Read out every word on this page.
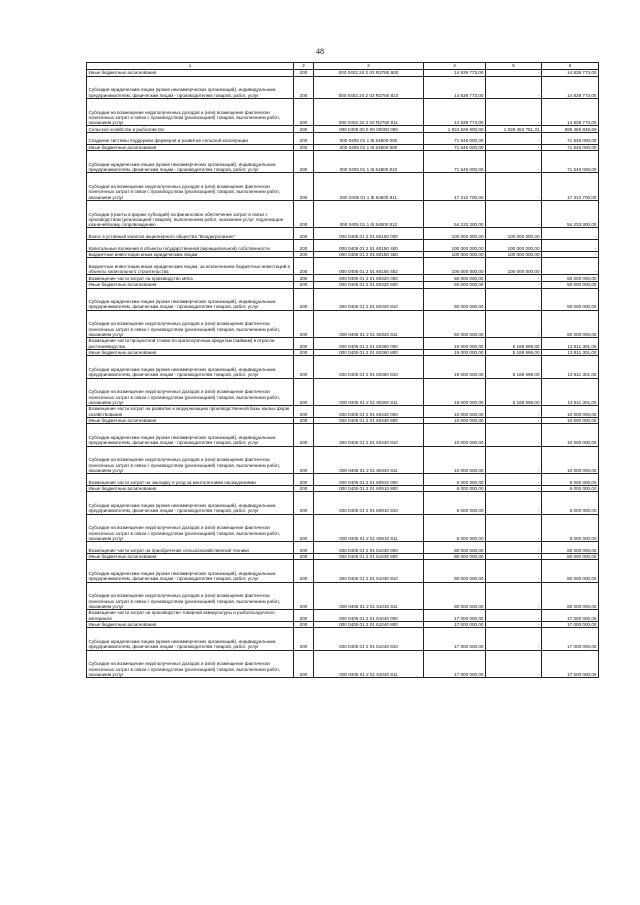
48
1	2	3	4	5	6
Иные бюджетные ассигнования	200	000 0402 24 2 03 R2760 800	14 839 773,00	-	14 839 773,00
Субсидии юридическим лицам (кроме некоммерческих организаций), индивидуальным предпринимателям, физическим лицам - производителям товаров, работ, услуг	200	000 0402 24 2 03 R2760 810	14 839 773,00	-	14 839 773,00
Субсидии на возмещение недополученных доходов и (или) возмещение фактически понесенных затрат в связи с производством (реализацией) товаров, выполнением работ, оказанием услуг	200	000 0402 24 2 03 R2760 811	14 839 773,00	-	14 839 773,00
Сельское хозяйство и рыболовство	200	000 0405 00 0 00 00000 000	1 924 929 600,00	1 028 463 751,31	896 465 848,69
Создание системы поддержки фермеров и развитие сельской кооперации	200	000 0405 01 1 I5 54800 000	71 546 000,00	-	71 546 000,00
Иные бюджетные ассигнования	200	000 0405 01 1 I5 54800 800	71 546 000,00	-	71 546 000,00
Субсидии юридическим лицам (кроме некоммерческих организаций), индивидуальным предпринимателям, физическим лицам - производителям товаров, работ, услуг	200	000 0405 01 1 I5 54800 810	71 546 000,00	-	71 546 000,00
Субсидии на возмещение недополученных доходов и (или) возмещение фактически понесенных затрат в связи с производством (реализацией) товаров, выполнением работ, оказанием услуг	200	000 0405 01 1 I5 54800 811	17 312 700,00	-	17 312 700,00
Субсидии (гранты в форме субсидий) на финансовое обеспечение затрат в связи с производством (реализацией товаров), выполнением работ, оказанием услуг, подлежащие казначейскому сопровождению	200	000 0405 01 1 I5 54800 812	54 233 300,00	-	54 233 300,00
Взнос в уставный капитал акционерного общества "Владагролизинг"	200	000 0405 01 2 01 60150 000	100 000 000,00	100 000 000,00	-
Капитальные вложения в объекты государственной (муниципальной) собственности	200	000 0405 01 2 01 60150 400	100 000 000,00	100 000 000,00	-
Бюджетные инвестиции иным юридическим лицам	200	000 0405 01 2 01 60150 450	100 000 000,00	100 000 000,00	-
Бюджетные инвестиции иным юридическим лицам, за исключением бюджетных инвестиций в объекты капитального строительства	200	000 0405 01 2 01 60150 452	100 000 000,00	100 000 000,00	-
Возмещение части затрат на производство мяса	200	000 0405 01 2 01 60320 000	50 000 000,00	-	50 000 000,00
Иные бюджетные ассигнования	200	000 0405 01 2 01 60320 800	50 000 000,00	-	50 000 000,00
Субсидии юридическим лицам (кроме некоммерческих организаций), индивидуальным предпринимателям, физическим лицам - производителям товаров, работ, услуг	200	000 0405 01 2 01 60320 810	50 000 000,00	-	50 000 000,00
Субсидии на возмещение недополученных доходов и (или) возмещение фактически понесенных затрат в связи с производством (реализацией) товаров, выполнением работ, оказанием услуг	200	000 0405 01 2 01 60320 811	50 000 000,00	-	50 000 000,00
Возмещение части процентной ставки по краткосрочным кредитам (займам) в отрасли растениеводства	200	000 0405 01 2 01 60360 000	19 000 000,00	5 188 699,00	13 811 301,00
Иные бюджетные ассигнования	200	000 0405 01 2 01 60360 800	19 000 000,00	5 188 699,00	13 811 301,00
Субсидии юридическим лицам (кроме некоммерческих организаций), индивидуальным предпринимателям, физическим лицам - производителям товаров, работ, услуг	200	000 0405 01 2 01 60360 810	19 000 000,00	5 188 699,00	13 811 301,00
Субсидии на возмещение недополученных доходов и (или) возмещение фактически понесенных затрат в связи с производством (реализацией) товаров, выполнением работ, оказанием услуг	200	000 0405 01 2 01 60360 811	19 000 000,00	5 188 699,00	13 811 301,00
Возмещение части затрат на развитие и модернизацию производственной базы малых форм хозяйствования	200	000 0405 01 2 01 60440 000	10 000 000,00	-	10 000 000,00
Иные бюджетные ассигнования	200	000 0405 01 2 01 60440 800	10 000 000,00	-	10 000 000,00
Субсидии юридическим лицам (кроме некоммерческих организаций), индивидуальным предпринимателям, физическим лицам - производителям товаров, работ, услуг	200	000 0405 01 2 01 60440 810	10 000 000,00	-	10 000 000,00
Субсидии на возмещение недополученных доходов и (или) возмещение фактически понесенных затрат в связи с производством (реализацией) товаров, выполнением работ, оказанием услуг	200	000 0405 01 2 01 60440 811	10 000 000,00	-	10 000 000,00
Возмещение части затрат на закладку и уход за многолетними насаждениями	200	000 0405 01 2 01 60910 000	6 000 000,00	-	6 000 000,00
Иные бюджетные ассигнования	200	000 0405 01 2 01 60910 800	6 000 000,00	-	6 000 000,00
Субсидии юридическим лицам (кроме некоммерческих организаций), индивидуальным предпринимателям, физическим лицам - производителям товаров, работ, услуг	200	000 0405 01 2 01 60910 810	6 000 000,00	-	6 000 000,00
Субсидии на возмещение недополученных доходов и (или) возмещение фактически понесенных затрат в связи с производством (реализацией) товаров, выполнением работ, оказанием услуг	200	000 0405 01 2 01 60910 811	6 000 000,00	-	6 000 000,00
Возмещение части затрат на приобретение сельскохозяйственной техники	200	000 0405 01 2 01 61030 000	80 000 000,00	-	80 000 000,00
Иные бюджетные ассигнования	200	000 0405 01 2 01 61030 800	80 000 000,00	-	80 000 000,00
Субсидии юридическим лицам (кроме некоммерческих организаций), индивидуальным предпринимателям, физическим лицам - производителям товаров, работ, услуг	200	000 0405 01 2 01 61030 810	80 000 000,00	-	80 000 000,00
Субсидии на возмещение недополученных доходов и (или) возмещение фактически понесенных затрат в связи с производством (реализацией) товаров, выполнением работ, оказанием услуг	200	000 0405 01 2 01 61030 811	80 000 000,00	-	80 000 000,00
Возмещение части затрат на производство товарной аквакультуры и рыбопосадочного материала	200	000 0405 01 2 01 61040 000	17 000 000,00	-	17 000 000,00
Иные бюджетные ассигнования	200	000 0405 01 2 01 61040 800	17 000 000,00	-	17 000 000,00
Субсидии юридическим лицам (кроме некоммерческих организаций), индивидуальным предпринимателям, физическим лицам - производителям товаров, работ, услуг	200	000 0405 01 2 01 61040 810	17 000 000,00	-	17 000 000,00
Субсидии на возмещение недополученных доходов и (или) возмещение фактически понесенных затрат в связи с производством (реализацией) товаров, выполнением работ, оказанием услуг	200	000 0405 01 2 01 61040 811	17 000 000,00	-	17 000 000,00
